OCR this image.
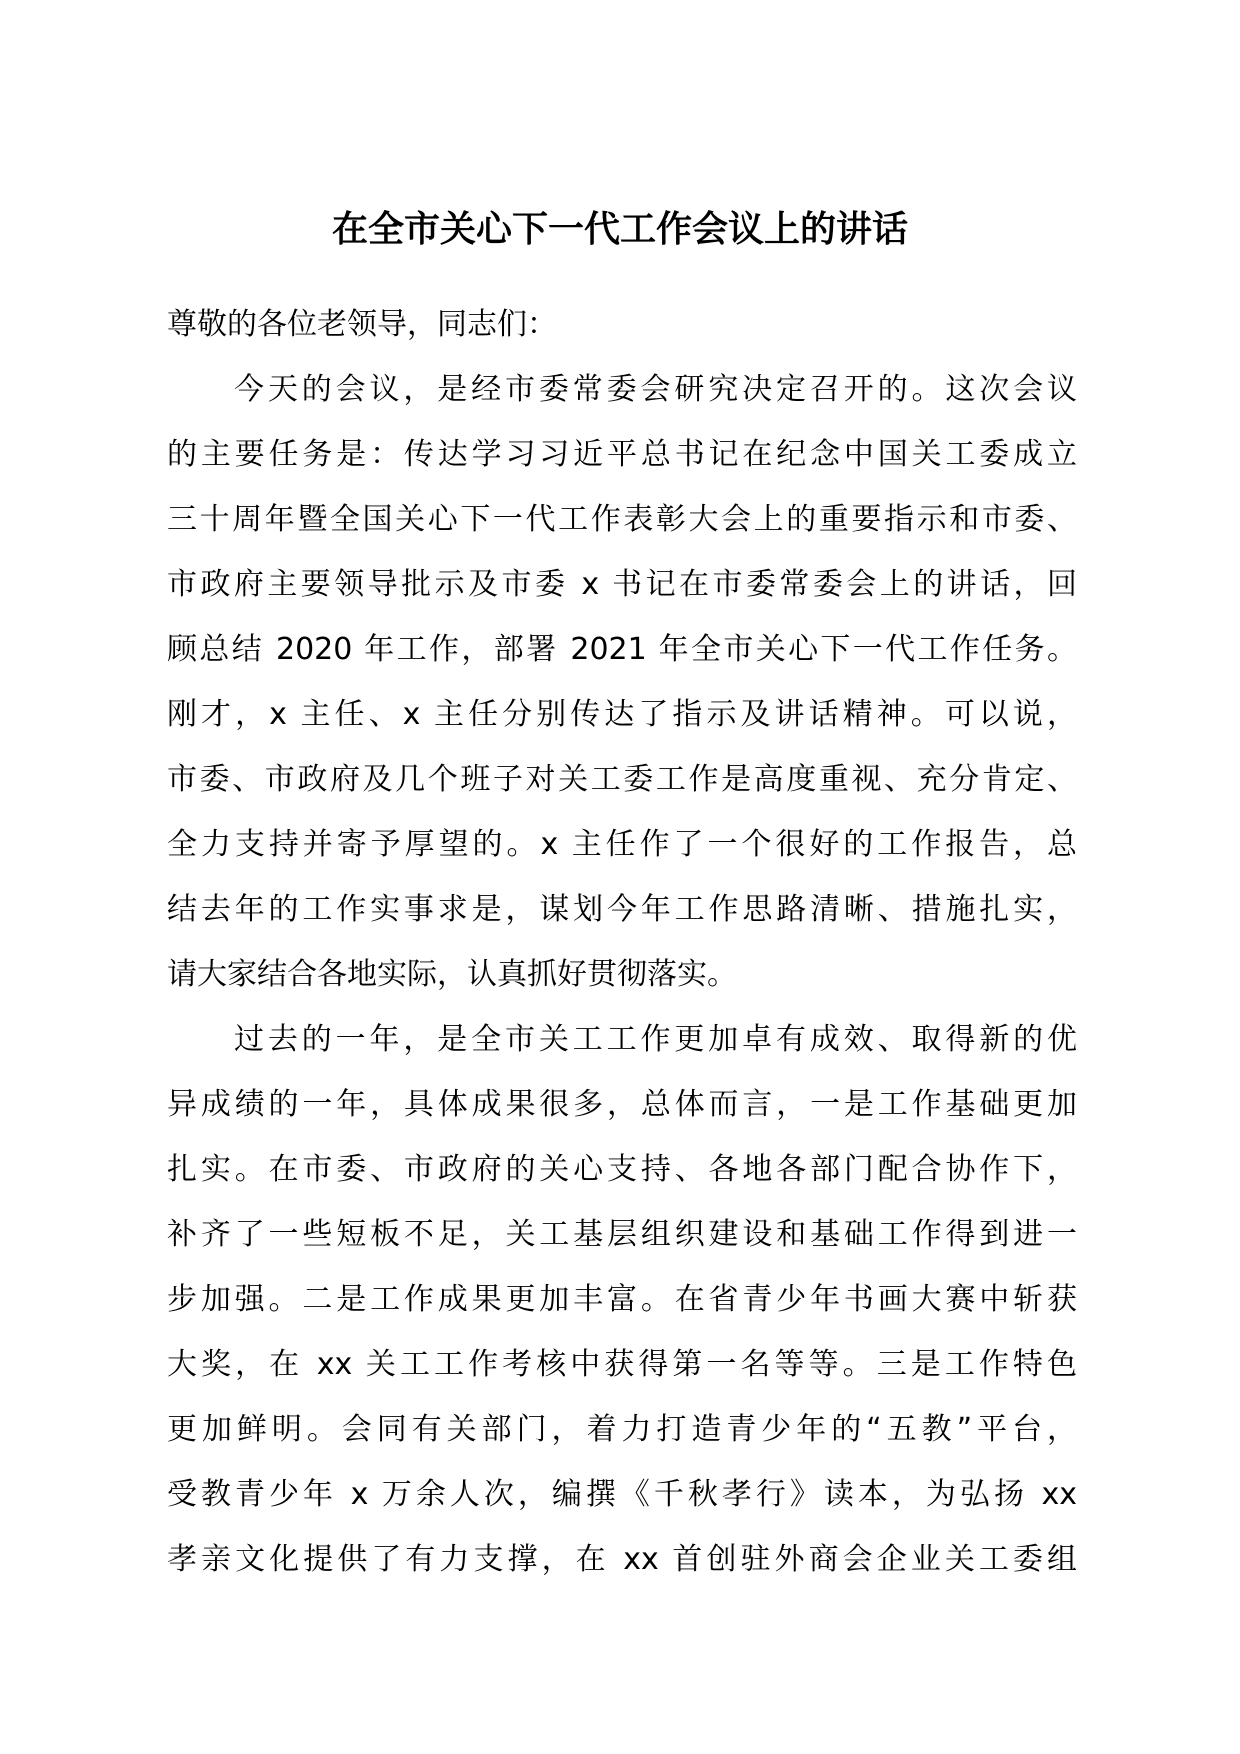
在全市关心下一代工作会议上的讲话
尊敬的各位老领导，同志们：
今天的会议，是经市委常委会研究决定召开的。这次会议
的主要任务是：传达学习习近平总书记在纪念中国关工委成立
三十周年暨全国关心下一代工作表彰大会上的重要指示和市委、
市政府主要领导批示及市委 x 书记在市委常委会上的讲话，回
顾总结 2020 年工作，部署 2021 年全市关心下一代工作任务。
刚才，x 主任、x 主任分别传达了指示及讲话精神。可以说，
市委、市政府及几个班子对关工委工作是高度重视、充分肯定、
全力支持并寄予厚望的。x 主任作了一个很好的工作报告，总
结去年的工作实事求是，谋划今年工作思路清晰、措施扎实，
请大家结合各地实际，认真抓好贯彻落实。
过去的一年，是全市关工工作更加卓有成效、取得新的优
异成绩的一年，具体成果很多，总体而言，一是工作基础更加
扎实。在市委、市政府的关心支持、各地各部门配合协作下，
补齐了一些短板不足，关工基层组织建设和基础工作得到进一
步加强。二是工作成果更加丰富。在省青少年书画大赛中斩获
大奖，在 xx 关工工作考核中获得第一名等等。三是工作特色
更加鲜明。会同有关部门，着力打造青少年的“五教”平台，
受教青少年 x 万余人次，编撰《千秋孝行》读本，为弘扬 xx
孝亲文化提供了有力支撑，在 xx 首创驻外商会企业关工委组
